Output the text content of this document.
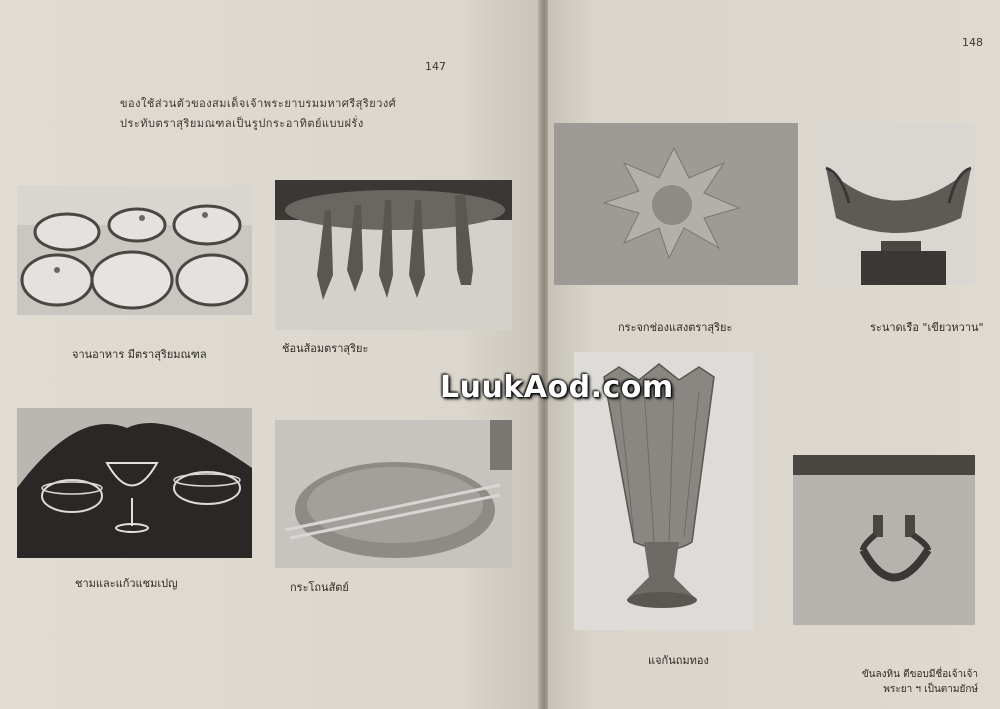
147
ของใช้ส่วนตัวของสมเด็จเจ้าพระยาบรมมหาศรีสุริยวงศ์
ประทับตราสุริยมณฑลเป็นรูปกระอาทิตย์แบบฝรั่ง
จานอาหาร มีตราสุริยมณฑล	ช้อนส้อมตราสุริยะ
ชามและแก้วแชมเปญ	กระโถนสัตย์
148
กระจกช่องแสงตราสุริยะ	ระนาดเรือ "เขียวหวาน"
แจกันถมทอง
ขันลงหิน ตีขอบมีชื่อเจ้าเจ้า
พระยา ฯ เป็นตามยักษ์
LuukAod.com
